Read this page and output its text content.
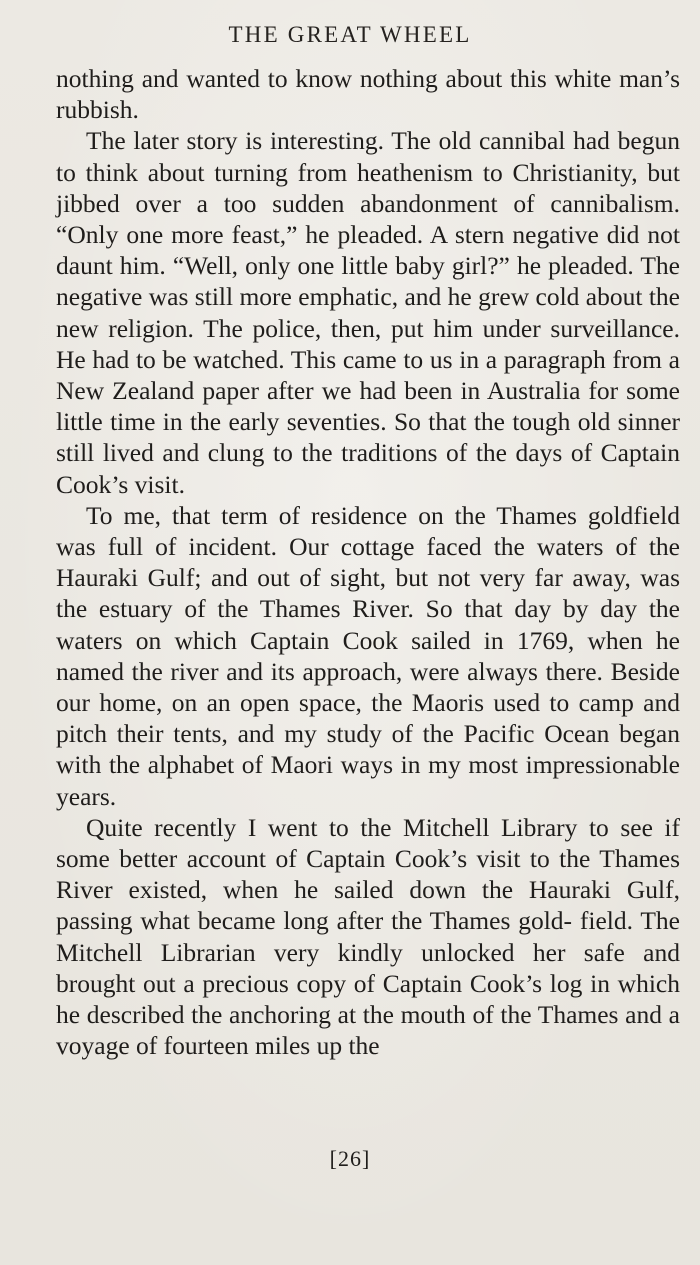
THE GREAT WHEEL

nothing and wanted to know nothing about this white man’s rubbish.

The later story is interesting. The old cannibal had begun to think about turning from heathenism to Christianity, but jibbed over a too sudden abandonment of cannibalism. “Only one more feast,” he pleaded. A stern negative did not daunt him. “Well, only one little baby girl?” he pleaded. The negative was still more emphatic, and he grew cold about the new religion. The police, then, put him under surveillance. He had to be watched. This came to us in a paragraph from a New Zealand paper after we had been in Australia for some little time in the early seventies. So that the tough old sinner still lived and clung to the traditions of the days of Captain Cook’s visit.

To me, that term of residence on the Thames goldfield was full of incident. Our cottage faced the waters of the Hauraki Gulf; and out of sight, but not very far away, was the estuary of the Thames River. So that day by day the waters on which Captain Cook sailed in 1769, when he named the river and its approach, were always there. Beside our home, on an open space, the Maoris used to camp and pitch their tents, and my study of the Pacific Ocean began with the alphabet of Maori ways in my most impressionable years.

Quite recently I went to the Mitchell Library to see if some better account of Captain Cook’s visit to the Thames River existed, when he sailed down the Hauraki Gulf, passing what became long after the Thames gold- field. The Mitchell Librarian very kindly unlocked her safe and brought out a precious copy of Captain Cook’s log in which he described the anchoring at the mouth of the Thames and a voyage of fourteen miles up the

[26]
